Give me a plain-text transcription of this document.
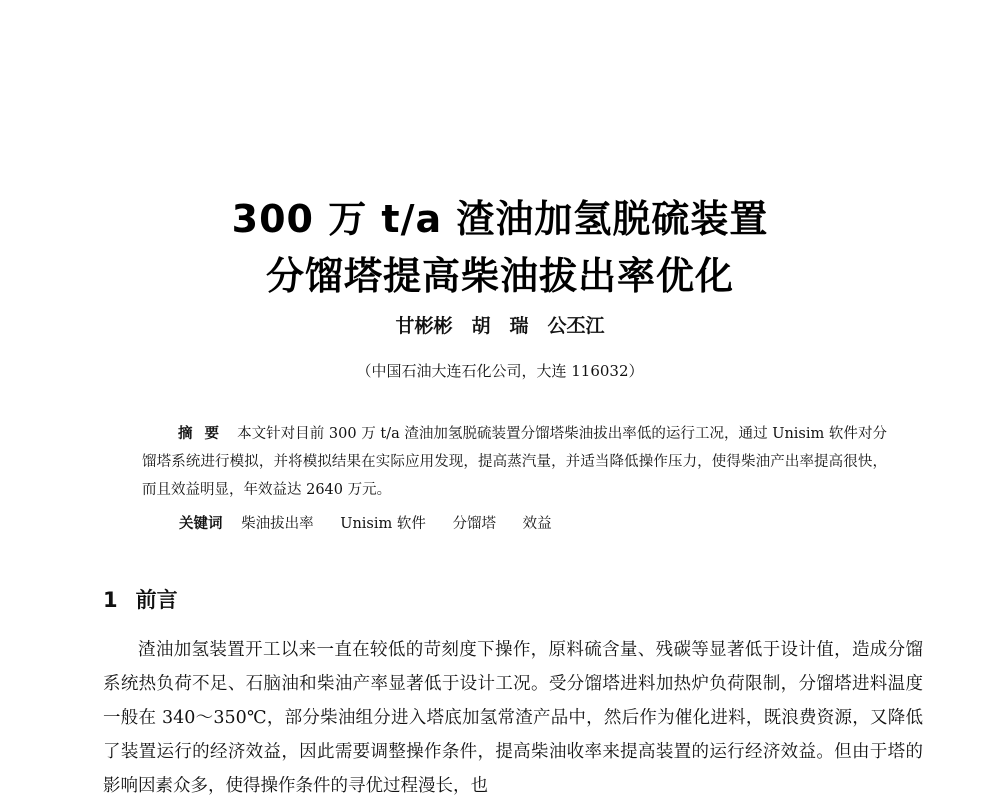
300 万 t/a 渣油加氢脱硫装置
分馏塔提高柴油拔出率优化
甘彬彬　胡　瑞　公丕江
（中国石油大连石化公司，大连 116032）
摘要 本文针对目前 300 万 t/a 渣油加氢脱硫装置分馏塔柴油拔出率低的运行工况，通过 Unisim 软件对分馏塔系统进行模拟，并将模拟结果在实际应用发现，提高蒸汽量，并适当降低操作压力，使得柴油产出率提高很快，而且效益明显，年效益达 2640 万元。
关键词 柴油拔出率 Unisim 软件 分馏塔 效益
1 前言
渣油加氢装置开工以来一直在较低的苛刻度下操作，原料硫含量、残碳等显著低于设计值，造成分馏系统热负荷不足、石脑油和柴油产率显著低于设计工况。受分馏塔进料加热炉负荷限制，分馏塔进料温度一般在 340～350℃，部分柴油组分进入塔底加氢常渣产品中，然后作为催化进料，既浪费资源，又降低了装置运行的经济效益，因此需要调整操作条件，提高柴油收率来提高装置的运行经济效益。但由于塔的影响因素众多，使得操作条件的寻优过程漫长，也
